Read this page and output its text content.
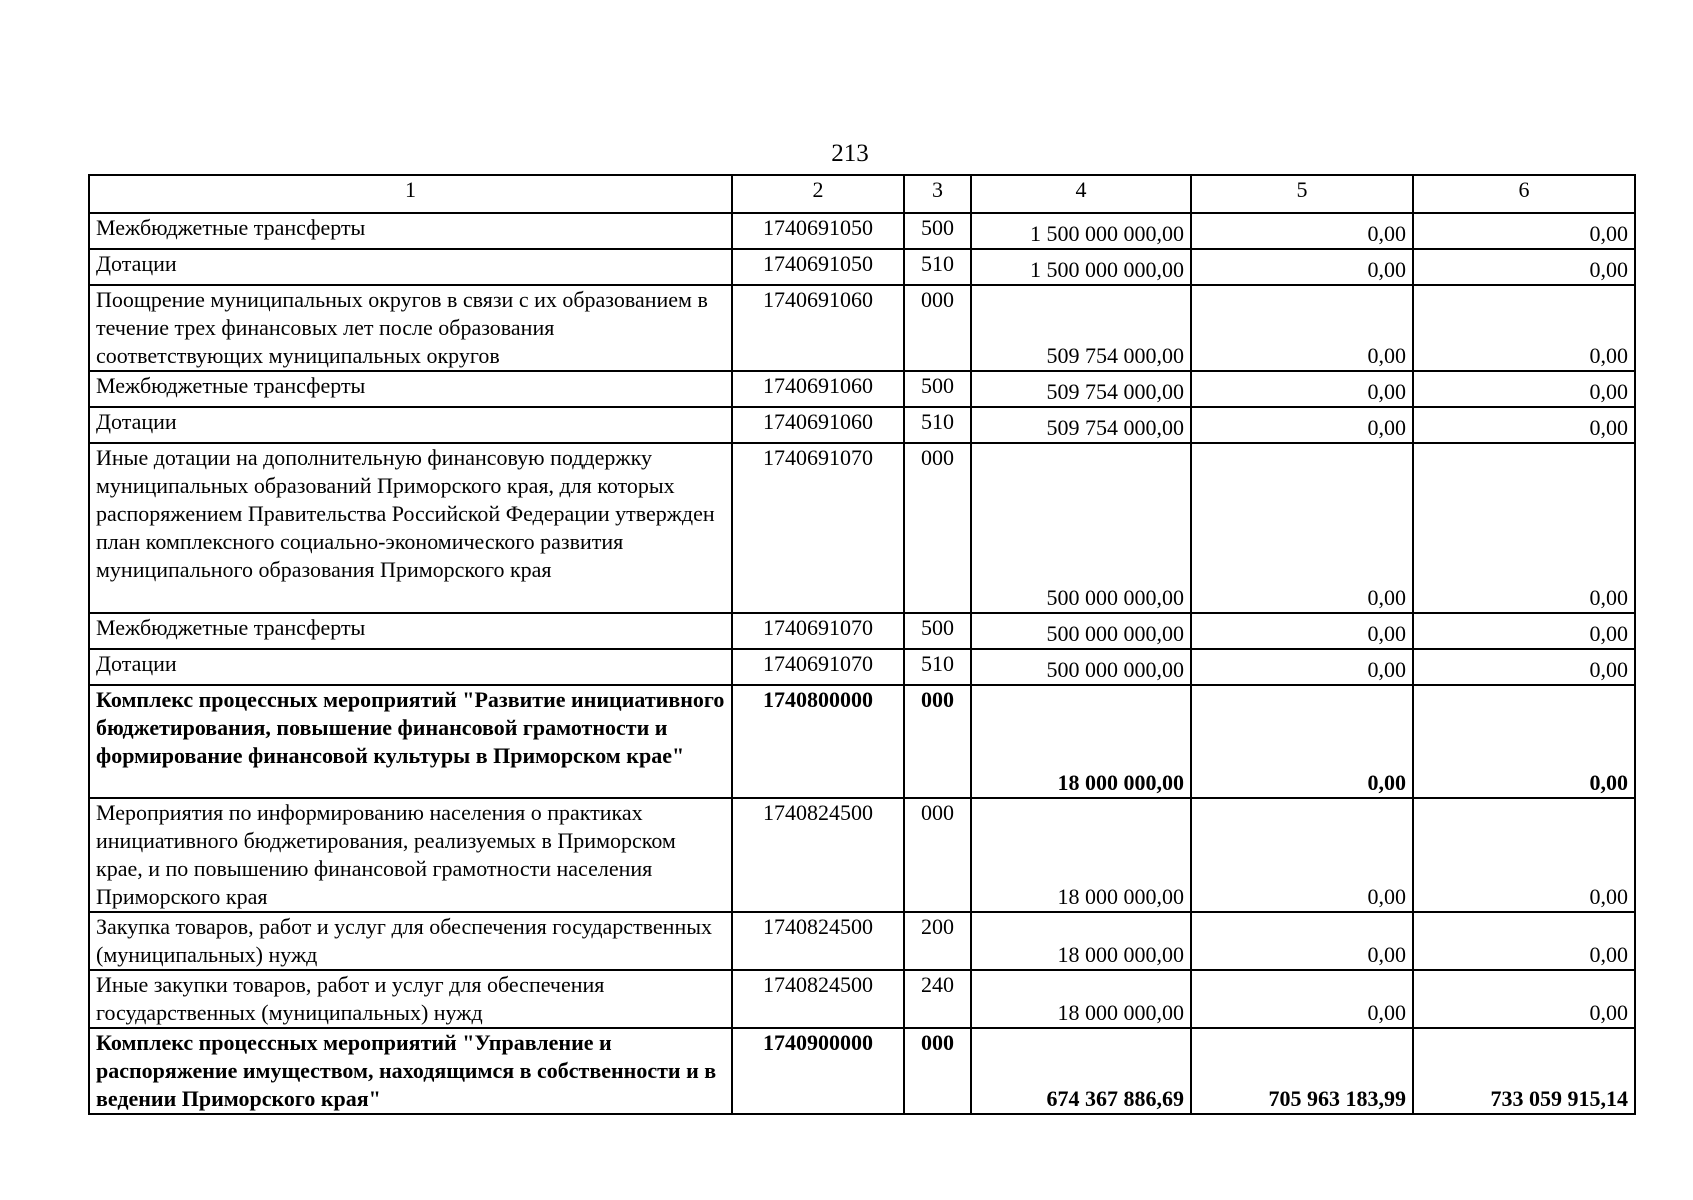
213
1	2	3	4	5	6
Межбюджетные трансферты	1740691050	500	1 500 000 000,00	0,00	0,00
Дотации	1740691050	510	1 500 000 000,00	0,00	0,00
Поощрение муниципальных округов в связи с их образованием в течение трех финансовых лет после образования соответствующих муниципальных округов	1740691060	000	509 754 000,00	0,00	0,00
Межбюджетные трансферты	1740691060	500	509 754 000,00	0,00	0,00
Дотации	1740691060	510	509 754 000,00	0,00	0,00
Иные дотации на дополнительную финансовую поддержку муниципальных образований Приморского края, для которых распоряжением Правительства Российской Федерации утвержден план комплексного социально-экономического развития муниципального образования Приморского края	1740691070	000	500 000 000,00	0,00	0,00
Межбюджетные трансферты	1740691070	500	500 000 000,00	0,00	0,00
Дотации	1740691070	510	500 000 000,00	0,00	0,00
Комплекс процессных мероприятий "Развитие инициативного бюджетирования, повышение финансовой грамотности и формирование финансовой культуры в Приморском крае"	1740800000	000	18 000 000,00	0,00	0,00
Мероприятия по информированию населения о практиках инициативного бюджетирования, реализуемых в Приморском крае, и по повышению финансовой грамотности населения Приморского края	1740824500	000	18 000 000,00	0,00	0,00
Закупка товаров, работ и услуг для обеспечения государственных (муниципальных) нужд	1740824500	200	18 000 000,00	0,00	0,00
Иные закупки товаров, работ и услуг для обеспечения государственных (муниципальных) нужд	1740824500	240	18 000 000,00	0,00	0,00
Комплекс процессных мероприятий "Управление и распоряжение имуществом, находящимся в собственности и в ведении Приморского края"	1740900000	000	674 367 886,69	705 963 183,99	733 059 915,14
